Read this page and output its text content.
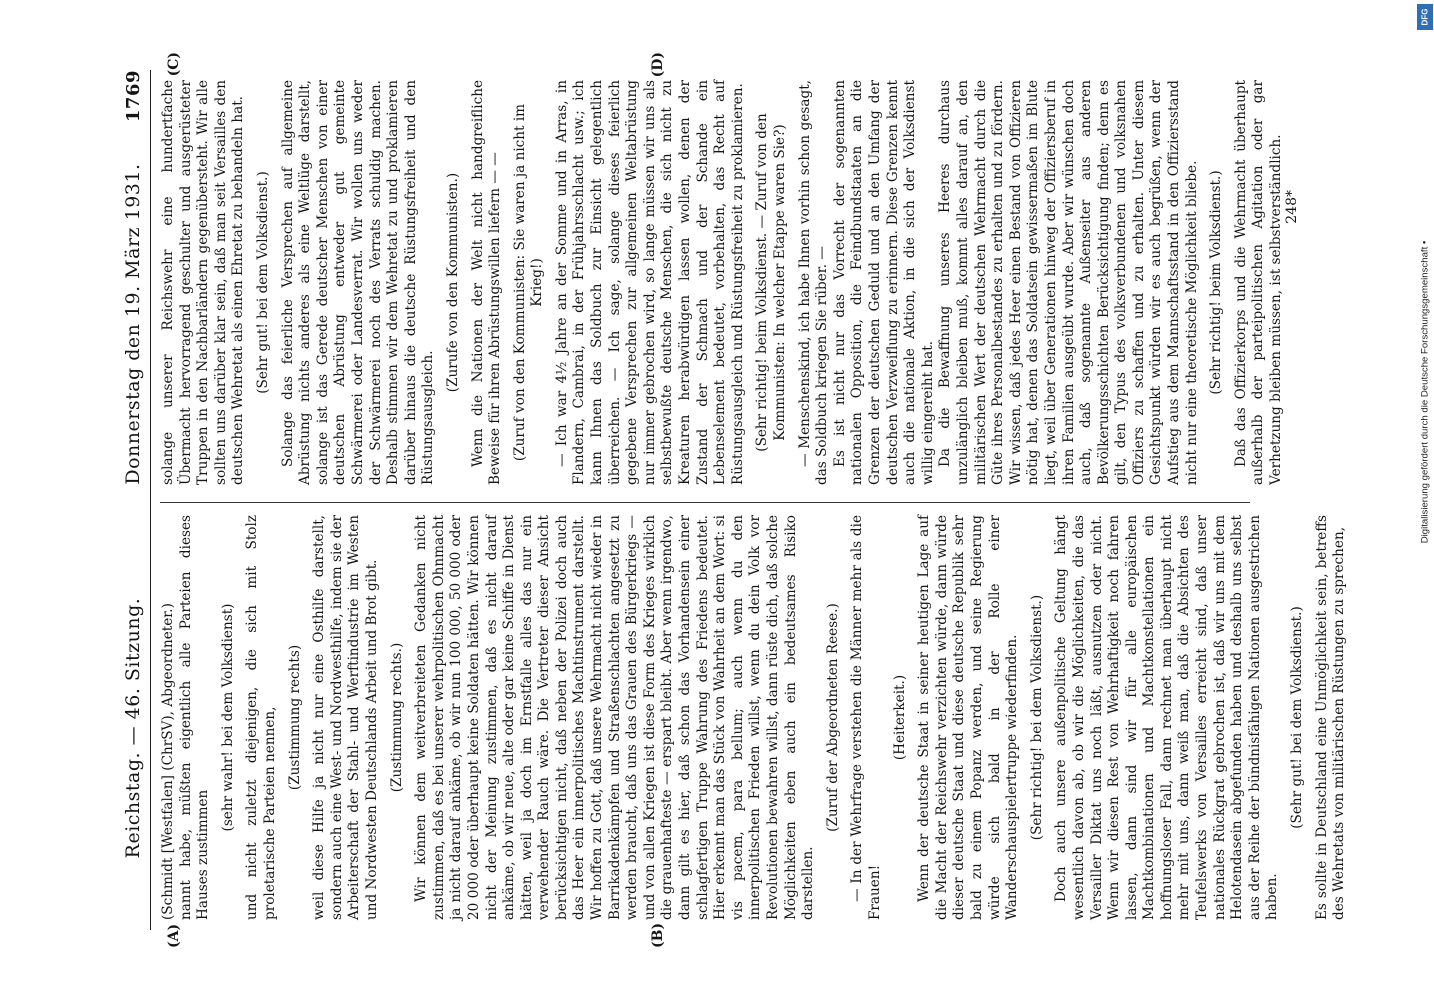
Reichstag. — 46. Sitzung.
Donnerstag den 19. März 1931.
1769
(A)	(B)
(C)	(D)

(Schmidt [Westfalen] (ChrSV), Abgeordneter.) nannt habe, müßten eigentlich alle Parteien dieses Hauses zustimmen

(sehr wahr! bei dem Volksdienst) und nicht zuletzt diejenigen, die sich mit Stolz proletarische Parteien nennen, (Zustimmung rechts) weil diese Hilfe ja nicht nur eine Osthilfe darstellt, sondern auch eine West- und Nordwesthilfe, indem sie der Arbeiterschaft der Stahl- und Werftindustrie im Westen und Nordwesten Deutschlands Arbeit und Brot gibt. (Zustimmung rechts.) Wir können dem weitverbreiteten Gedanken nicht zustimmen, daß es bei unserer wehrpolitischen Ohnmacht ja nicht darauf ankäme, ob wir nun 100 000, 50 000 oder 20 000 oder überhaupt keine Soldaten hätten. Wir können nicht der Meinung zustimmen, daß es nicht darauf ankäme, ob wir neue, alte oder gar keine Schiffe in Dienst hätten, weil ja doch im Ernstfalle alles das nur ein verwehender Rauch wäre. Die Vertreter dieser Ansicht berücksichtigen nicht, daß neben der Polizei doch auch das Heer ein innerpolitisches Machtinstrument darstellt. Wir hoffen zu Gott, daß unsere Wehrmacht nicht wieder in Barrikadenkämpfen und Straßenschlachten angesetzt zu werden braucht, daß uns das Grauen des Bürgerkriegs — und von allen Kriegen ist diese Form des Krieges wirklich die grauenhafteste — erspart bleibt. Aber wenn irgendwo, dann gilt es hier, daß schon das Vorhandensein einer schlagfertigen Truppe Wahrung des Friedens bedeutet. Hier erkennt man das Stück von Wahrheit an dem Wort: si vis pacem, para bellum; auch wenn du den innerpolitischen Frieden willst, wenn du dein Volk vor Revolutionen bewahren willst, dann rüste dich, daß solche Möglichkeiten eben auch ein bedeutsames Risiko darstellen.

(Zuruf der Abgeordneten Reese.) — In der Wehrfrage verstehen die Männer mehr als die Frauen!

(Heiterkeit.) Wenn der deutsche Staat in seiner heutigen Lage auf die Macht der Reichswehr verzichten würde, dann würde dieser deutsche Staat und diese deutsche Republik sehr bald zu einem Popanz werden, und seine Regierung würde sich bald in der Rolle einer Wanderschauspielertruppe wiederfinden. (Sehr richtig! bei dem Volksdienst.) Doch auch unsere außenpolitische Geltung hängt wesentlich davon ab, ob wir die Möglichkeiten, die das Versailler Diktat uns noch läßt, ausnutzen oder nicht. Wenn wir diesen Rest von Wehrhaftigkeit noch fahren lassen, dann sind wir für alle europäischen Machtkombinationen und Machtkonstellationen ein hoffnungsloser Fall, dann rechnet man überhaupt nicht mehr mit uns, dann weiß man, daß die Absichten des Teufelswerks von Versailles erreicht sind, daß unser nationales Rückgrat gebrochen ist, daß wir uns mit dem Helotendasein abgefunden haben und deshalb uns selbst aus der Reihe der bündnisfähigen Nationen ausgestrichen haben.

(Sehr gut! bei dem Volksdienst.) Es sollte in Deutschland eine Unmöglichkeit sein, betreffs des Wehretats von militärischen Rüstungen zu sprechen,

solange unserer Reichswehr eine hundertfache Übermacht hervorragend geschulter und ausgerüsteter Truppen in den Nachbarländern gegenübersteht. Wir alle sollten uns darüber klar sein, daß man seit Versailles den deutschen Wehretat als einen Ehretat zu behandeln hat. (Sehr gut! bei dem Volksdienst.) Solange das feierliche Versprechen auf allgemeine Abrüstung nichts anderes als eine Weltlüge darstellt, solange ist das Gerede deutscher Menschen von einer deutschen Abrüstung entweder gut gemeinte Schwärmerei oder Landesverrat. Wir wollen uns weder der Schwärmerei noch des Verrats schuldig machen. Deshalb stimmen wir dem Wehretat zu und proklamieren darüber hinaus die deutsche Rüstungsfreiheit und den Rüstungsausgleich.

(Zurufe von den Kommunisten.) Wenn die Nationen der Welt nicht handgreifliche Beweise für ihren Abrüstungswillen liefern — — (Zuruf von den Kommunisten: Sie waren ja nicht im Krieg!) — Ich war 4½ Jahre an der Somme und in Arras, in Flandern, Cambrai, in der Frühjahrsschlacht usw.; ich kann Ihnen das Soldbuch zur Einsicht gelegentlich überreichen. — Ich sage, solange dieses feierlich gegebene Versprechen zur allgemeinen Weltabrüstung nur immer gebrochen wird, so lange müssen wir uns als selbstbewußte deutsche Menschen, die sich nicht zu Kreaturen herabwürdigen lassen wollen, denen der Zustand der Schmach und der Schande ein Lebenselement bedeutet, vorbehalten, das Recht auf Rüstungsausgleich und Rüstungsfreiheit zu proklamieren. (Sehr richtig! beim Volksdienst. — Zuruf von den Kommunisten: In welcher Etappe waren Sie?) — Menschenskind, ich habe Ihnen vorhin schon gesagt, das Soldbuch kriegen Sie rüber. — Es ist nicht nur das Vorrecht der sogenannten nationalen Opposition, die Feindbundstaaten an die Grenzen der deutschen Geduld und an den Umfang der deutschen Verzweiflung zu erinnern. Diese Grenzen kennt auch die nationale Aktion, in die sich der Volksdienst willig eingereiht hat. Da die Bewaffnung unseres Heeres durchaus unzulänglich bleiben muß, kommt alles darauf an, den militärischen Wert der deutschen Wehrmacht durch die Güte ihres Personalbestandes zu erhalten und zu fördern. Wir wissen, daß jedes Heer einen Bestand von Offizieren nötig hat, denen das Soldatsein gewissermaßen im Blute liegt, weil über Generationen hinweg der Offiziersberuf in ihren Familien ausgeübt wurde. Aber wir wünschen doch auch, daß sogenannte Außenseiter aus anderen Bevölkerungsschichten Berücksichtigung finden; denn es gilt, den Typus des volksverbundenen und volksnahen Offiziers zu schaffen und zu erhalten. Unter diesem Gesichtspunkt würden wir es auch begrüßen, wenn der Aufstieg aus dem Mannschaftsstand in den Offiziersstand nicht nur eine theoretische Möglichkeit bliebe. (Sehr richtig! beim Volksdienst.) Daß das Offizierkorps und die Wehrmacht überhaupt außerhalb der parteipolitischen Agitation oder gar Verhetzung bleiben müssen, ist selbstverständlich. 248*
DFG
Digitalisierung gefördert durch die Deutsche Forschungsgemeinschaft •
